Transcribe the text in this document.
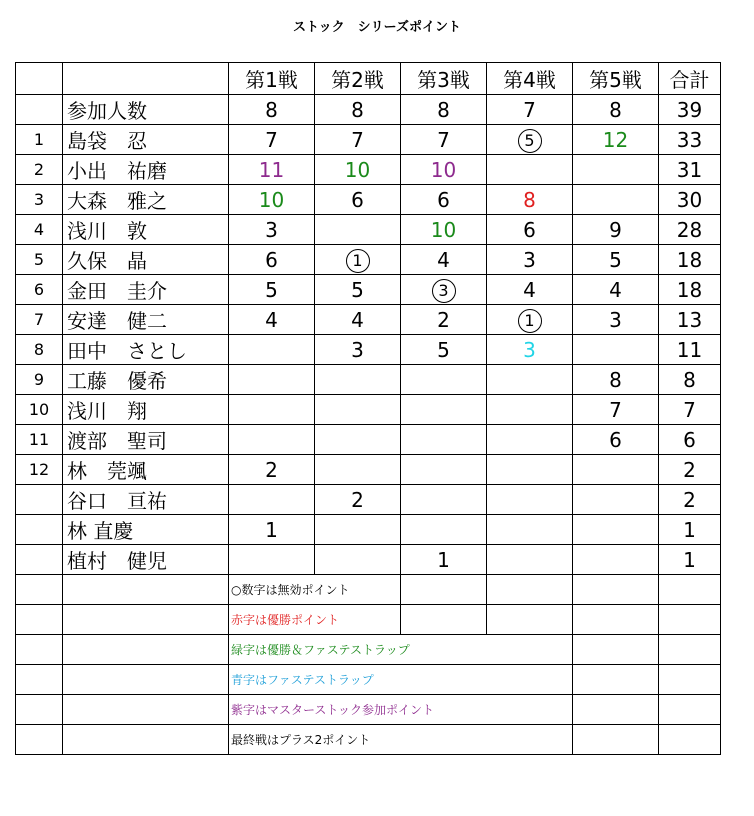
ストック　シリーズポイント
		第1戦	第2戦	第3戦	第4戦	第5戦	合計
	参加人数	8	8	8	7	8	39
1	島袋　忍	7	7	7	5	12	33
2	小出　祐磨	11	10	10			31
3	大森　雅之	10	6	6	8		30
4	浅川　敦	3		10	6	9	28
5	久保　晶	6	1	4	3	5	18
6	金田　圭介	5	5	3	4	4	18
7	安達　健二	4	4	2	1	3	13
8	田中　さとし		3	5	3		11
9	工藤　優希					8	8
10	浅川　翔					7	7
11	渡部　聖司					6	6
12	林　莞颯	2					2
	谷口　亘祐		2				2
	林 直慶	1					1
	植村　健児			1			1
		○数字は無効ポイント					
		赤字は優勝ポイント					
		緑字は優勝＆ファステストラップ					
		青字はファステストラップ					
		紫字はマスターストック参加ポイント					
		最終戦はプラス2ポイント					
